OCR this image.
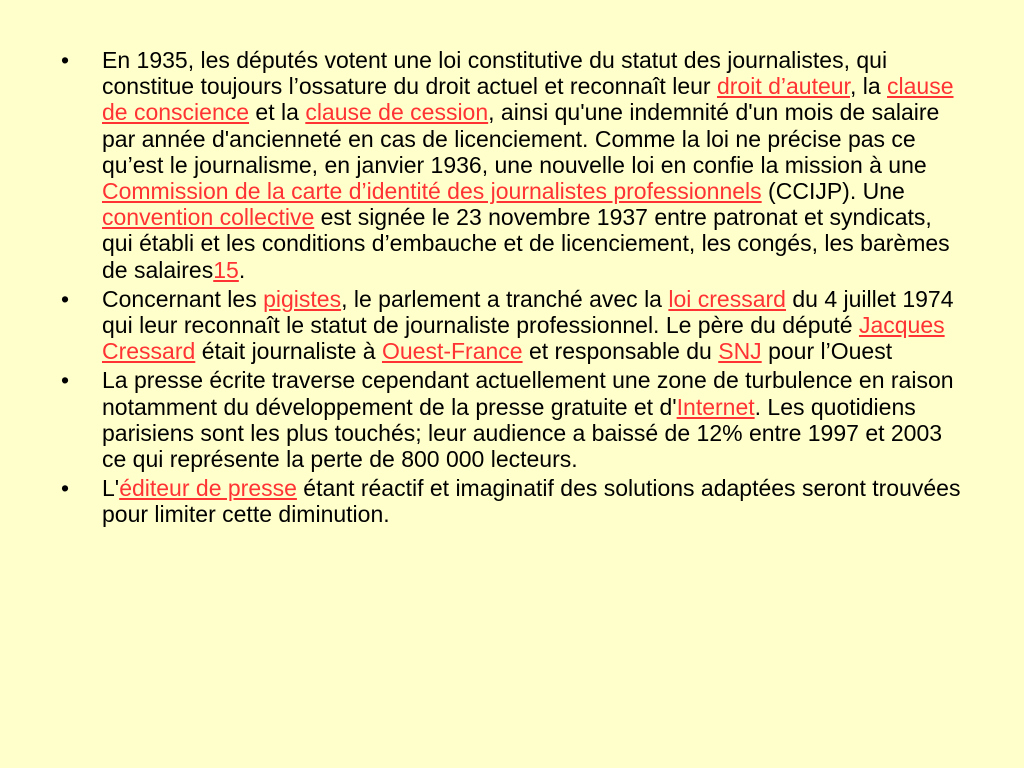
•	En 1935, les députés votent une loi constitutive du statut des journalistes, qui constitue toujours l’ossature du droit actuel et reconnaît leur droit d’auteur, la clause de conscience et la clause de cession, ainsi qu'une indemnité d'un mois de salaire par année d'ancienneté en cas de licenciement. Comme la loi ne précise pas ce qu’est le journalisme, en janvier 1936, une nouvelle loi en confie la mission à une Commission de la carte d’identité des journalistes professionnels (CCIJP). Une convention collective est signée le 23 novembre 1937 entre patronat et syndicats, qui établi et les conditions d’embauche et de licenciement, les congés, les barèmes de salaires15.
•	Concernant les pigistes, le parlement a tranché avec la loi cressard du 4 juillet 1974 qui leur reconnaît le statut de journaliste professionnel. Le père du député Jacques Cressard était journaliste à Ouest-France et responsable du SNJ pour l’Ouest
•	La presse écrite traverse cependant actuellement une zone de turbulence en raison notamment du développement de la presse gratuite et d'Internet. Les quotidiens parisiens sont les plus touchés; leur audience a baissé de 12% entre 1997 et 2003 ce qui représente la perte de 800 000 lecteurs.
•	L'éditeur de presse étant réactif et imaginatif des solutions adaptées seront trouvées pour limiter cette diminution.
